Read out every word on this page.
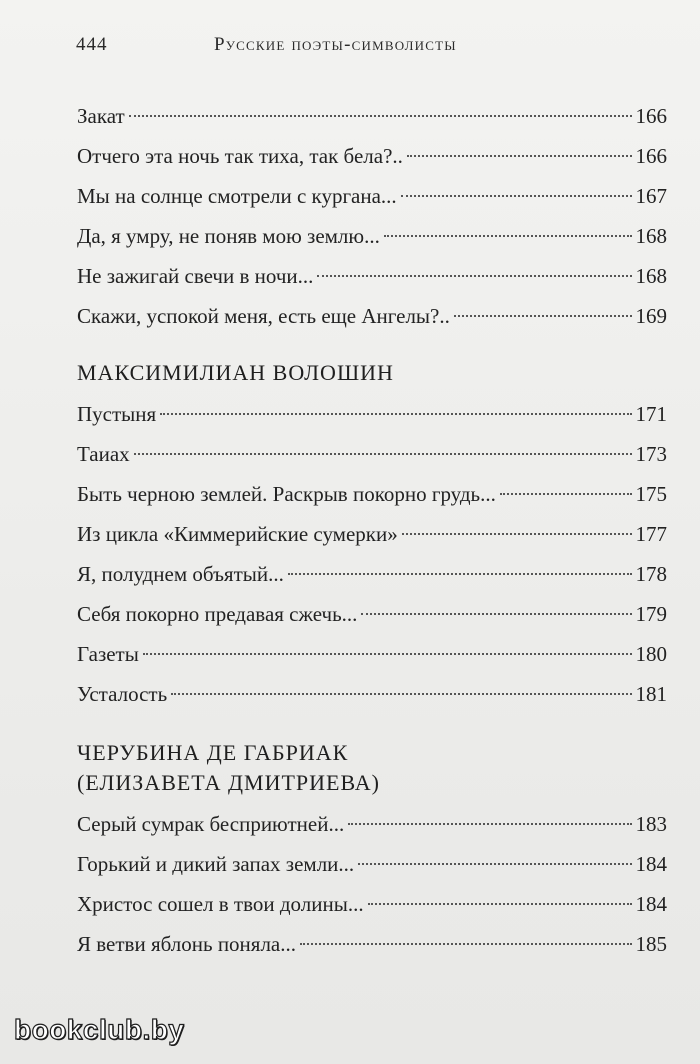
444	Русские поэты-символисты
Закат	166
Отчего эта ночь так тиха, так бела?..	166
Мы на солнце смотрели с кургана...	167
Да, я умру, не поняв мою землю...	168
Не зажигай свечи в ночи...	168
Скажи, успокой меня, есть еще Ангелы?..	169
МАКСИМИЛИАН ВОЛОШИН
Пустыня	171
Таиах	173
Быть черною землей. Раскрыв покорно грудь...	175
Из цикла «Киммерийские сумерки»	177
Я, полуднем объятый...	178
Себя покорно предавая сжечь...	179
Газеты	180
Усталость	181
ЧЕРУБИНА ДЕ ГАБРИАК
(ЕЛИЗАВЕТА ДМИТРИЕВА)
Серый сумрак бесприютней...	183
Горький и дикий запах земли...	184
Христос сошел в твои долины...	184
Я ветви яблонь поняла...	185
bookclub.by
